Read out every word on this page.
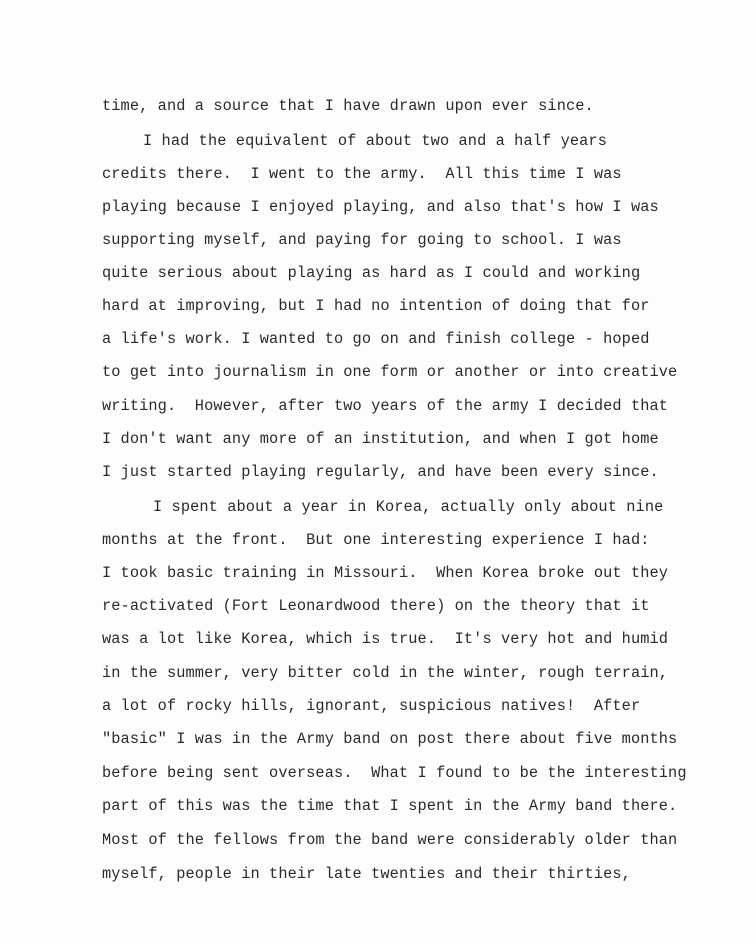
time, and a source that I have drawn upon ever since.
I had the equivalent of about two and a half years
credits there.  I went to the army.  All this time I was
playing because I enjoyed playing, and also that's how I was
supporting myself, and paying for going to school. I was
quite serious about playing as hard as I could and working
hard at improving, but I had no intention of doing that for
a life's work. I wanted to go on and finish college - hoped
to get into journalism in one form or another or into creative
writing.  However, after two years of the army I decided that
I don't want any more of an institution, and when I got home
I just started playing regularly, and have been every since.
I spent about a year in Korea, actually only about nine
months at the front.  But one interesting experience I had:
I took basic training in Missouri.  When Korea broke out they
re-activated (Fort Leonardwood there) on the theory that it
was a lot like Korea, which is true.  It's very hot and humid
in the summer, very bitter cold in the winter, rough terrain,
a lot of rocky hills, ignorant, suspicious natives!  After
"basic" I was in the Army band on post there about five months
before being sent overseas.  What I found to be the interesting
part of this was the time that I spent in the Army band there.
Most of the fellows from the band were considerably older than
myself, people in their late twenties and their thirties,
